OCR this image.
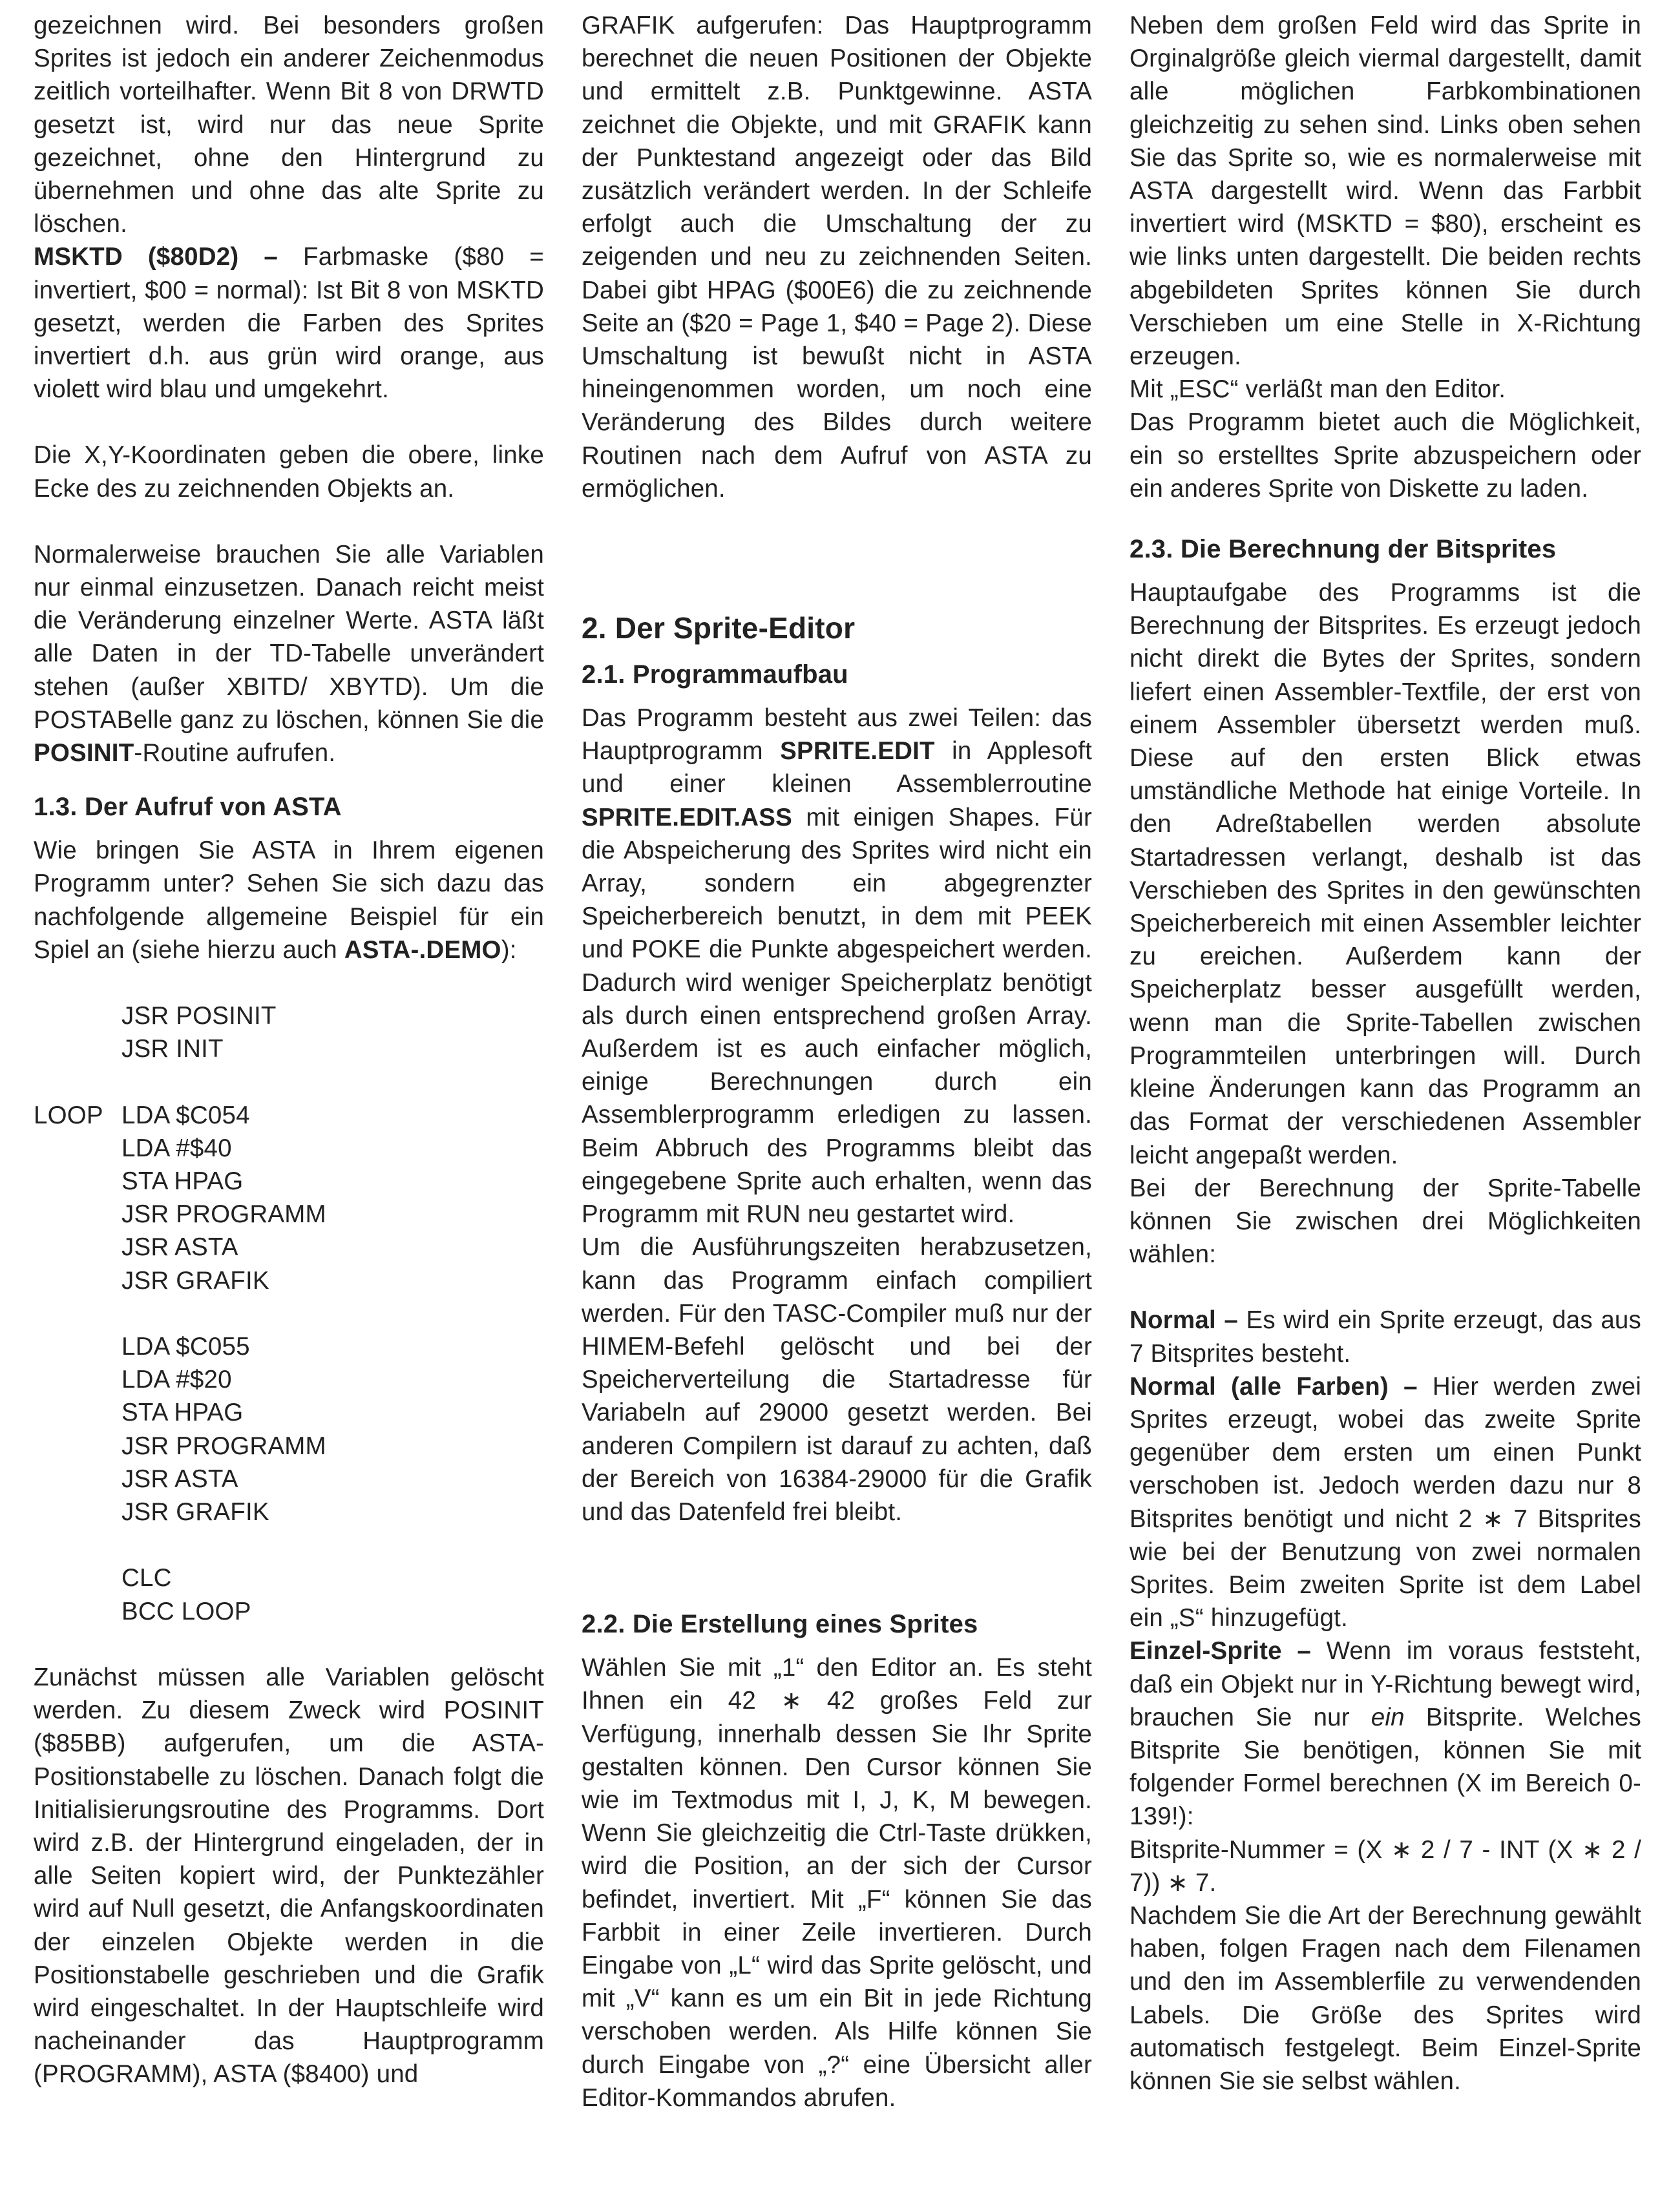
gezeichnen wird. Bei besonders großen Sprites ist jedoch ein anderer Zeichenmodus zeitlich vorteilhafter. Wenn Bit 8 von DRWTD gesetzt ist, wird nur das neue Sprite gezeichnet, ohne den Hintergrund zu übernehmen und ohne das alte Sprite zu löschen.

MSKTD ($80D2) – Farbmaske ($80 = invertiert, $00 = normal): Ist Bit 8 von MSKTD gesetzt, werden die Farben des Sprites invertiert d.h. aus grün wird orange, aus violett wird blau und umgekehrt.

Die X,Y-Koordinaten geben die obere, linke Ecke des zu zeichnenden Objekts an.

Normalerweise brauchen Sie alle Variablen nur einmal einzusetzen. Danach reicht meist die Veränderung einzelner Werte. ASTA läßt alle Daten in der TD-Tabelle unverändert stehen (außer XBITD/ XBYTD). Um die POSTABelle ganz zu löschen, können Sie die POSINIT-Routine aufrufen.

1.3. Der Aufruf von ASTA

Wie bringen Sie ASTA in Ihrem eigenen Programm unter? Sehen Sie sich dazu das nachfolgende allgemeine Beispiel für ein Spiel an (siehe hierzu auch ASTA-.DEMO):

JSR POSINIT
JSR INIT
LOOP LDA $C054
LDA #$40
STA HPAG
JSR PROGRAMM
JSR ASTA
JSR GRAFIK
LDA $C055
LDA #$20
STA HPAG
JSR PROGRAMM
JSR ASTA
JSR GRAFIK
CLC
BCC LOOP

Zunächst müssen alle Variablen gelöscht werden. Zu diesem Zweck wird POSINIT ($85BB) aufgerufen, um die ASTA-Positionstabelle zu löschen. Danach folgt die Initialisierungsroutine des Programms. Dort wird z.B. der Hintergrund eingeladen, der in alle Seiten kopiert wird, der Punktezähler wird auf Null gesetzt, die Anfangskoordinaten der einzelen Objekte werden in die Positionstabelle geschrieben und die Grafik wird eingeschaltet. In der Hauptschleife wird nacheinander das Hauptprogramm (PROGRAMM), ASTA ($8400) und

GRAFIK aufgerufen: Das Hauptprogramm berechnet die neuen Positionen der Objekte und ermittelt z.B. Punktgewinne. ASTA zeichnet die Objekte, und mit GRAFIK kann der Punktestand angezeigt oder das Bild zusätzlich verändert werden. In der Schleife erfolgt auch die Umschaltung der zu zeigenden und neu zu zeichnenden Seiten. Dabei gibt HPAG ($00E6) die zu zeichnende Seite an ($20 = Page 1, $40 = Page 2). Diese Umschaltung ist bewußt nicht in ASTA hineingenommen worden, um noch eine Veränderung des Bildes durch weitere Routinen nach dem Aufruf von ASTA zu ermöglichen.

2. Der Sprite-Editor
2.1. Programmaufbau

Das Programm besteht aus zwei Teilen: das Hauptprogramm SPRITE.EDIT in Applesoft und einer kleinen Assemblerroutine SPRITE.EDIT.ASS mit einigen Shapes. Für die Abspeicherung des Sprites wird nicht ein Array, sondern ein abgegrenzter Speicherbereich benutzt, in dem mit PEEK und POKE die Punkte abgespeichert werden. Dadurch wird weniger Speicherplatz benötigt als durch einen entsprechend großen Array. Außerdem ist es auch einfacher möglich, einige Berechnungen durch ein Assemblerprogramm erledigen zu lassen. Beim Abbruch des Programms bleibt das eingegebene Sprite auch erhalten, wenn das Programm mit RUN neu gestartet wird.

Um die Ausführungszeiten herabzusetzen, kann das Programm einfach compiliert werden. Für den TASC-Compiler muß nur der HIMEM-Befehl gelöscht und bei der Speicherverteilung die Startadresse für Variabeln auf 29000 gesetzt werden. Bei anderen Compilern ist darauf zu achten, daß der Bereich von 16384-29000 für die Grafik und das Datenfeld frei bleibt.

2.2. Die Erstellung eines Sprites

Wählen Sie mit „1“ den Editor an. Es steht Ihnen ein 42 ∗ 42 großes Feld zur Verfügung, innerhalb dessen Sie Ihr Sprite gestalten können. Den Cursor können Sie wie im Textmodus mit I, J, K, M bewegen. Wenn Sie gleichzeitig die Ctrl-Taste drükken, wird die Position, an der sich der Cursor befindet, invertiert. Mit „F“ können Sie das Farbbit in einer Zeile invertieren. Durch Eingabe von „L“ wird das Sprite gelöscht, und mit „V“ kann es um ein Bit in jede Richtung verschoben werden. Als Hilfe können Sie durch Eingabe von „?“ eine Übersicht aller Editor-Kommandos abrufen.

Neben dem großen Feld wird das Sprite in Orginalgröße gleich viermal dargestellt, damit alle möglichen Farbkombinationen gleichzeitig zu sehen sind. Links oben sehen Sie das Sprite so, wie es normalerweise mit ASTA dargestellt wird. Wenn das Farbbit invertiert wird (MSKTD = $80), erscheint es wie links unten dargestellt. Die beiden rechts abgebildeten Sprites können Sie durch Verschieben um eine Stelle in X-Richtung erzeugen.

Mit „ESC“ verläßt man den Editor.

Das Programm bietet auch die Möglichkeit, ein so erstelltes Sprite abzuspeichern oder ein anderes Sprite von Diskette zu laden.

2.3. Die Berechnung der Bitsprites

Hauptaufgabe des Programms ist die Berechnung der Bitsprites. Es erzeugt jedoch nicht direkt die Bytes der Sprites, sondern liefert einen Assembler-Textfile, der erst von einem Assembler übersetzt werden muß. Diese auf den ersten Blick etwas umständliche Methode hat einige Vorteile. In den Adreßtabellen werden absolute Startadressen verlangt, deshalb ist das Verschieben des Sprites in den gewünschten Speicherbereich mit einen Assembler leichter zu ereichen. Außerdem kann der Speicherplatz besser ausgefüllt werden, wenn man die Sprite-Tabellen zwischen Programmteilen unterbringen will. Durch kleine Änderungen kann das Programm an das Format der verschiedenen Assembler leicht angepaßt werden.

Bei der Berechnung der Sprite-Tabelle können Sie zwischen drei Möglichkeiten wählen:

Normal – Es wird ein Sprite erzeugt, das aus 7 Bitsprites besteht.

Normal (alle Farben) – Hier werden zwei Sprites erzeugt, wobei das zweite Sprite gegenüber dem ersten um einen Punkt verschoben ist. Jedoch werden dazu nur 8 Bitsprites benötigt und nicht 2 ∗ 7 Bitsprites wie bei der Benutzung von zwei normalen Sprites. Beim zweiten Sprite ist dem Label ein „S“ hinzugefügt.

Einzel-Sprite – Wenn im voraus feststeht, daß ein Objekt nur in Y-Richtung bewegt wird, brauchen Sie nur ein Bitsprite. Welches Bitsprite Sie benötigen, können Sie mit folgender Formel berechnen (X im Bereich 0-139!):

Bitsprite-Nummer = (X ∗ 2 / 7 - INT (X ∗ 2 / 7)) ∗ 7.

Nachdem Sie die Art der Berechnung gewählt haben, folgen Fragen nach dem Filenamen und den im Assemblerfile zu verwendenden Labels. Die Größe des Sprites wird automatisch festgelegt. Beim Einzel-Sprite können Sie sie selbst wählen.
